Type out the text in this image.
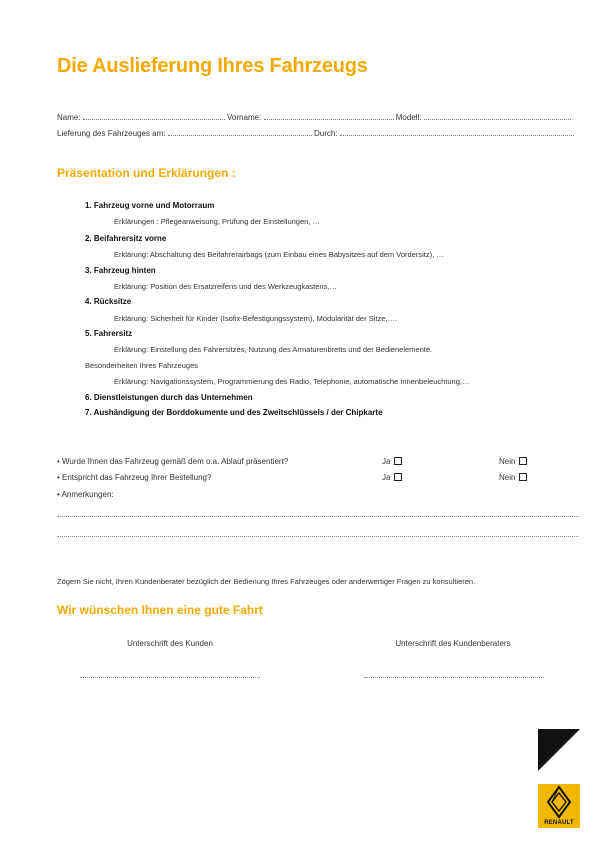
Die Auslieferung Ihres Fahrzeugs
Name:	Vorname:	Modell:
Lieferung des Fahrzeuges am:	Durch:
Präsentation und Erklärungen :
1. Fahrzeug vorne und Motorraum
Erklärungen : Pflegeanweisung, Prüfung der Einstellungen, …
2. Beifahrersitz vorne
Erklärung: Abschaltung des Beifahrerairbags (zum Einbau eines Babysitzes auf dem Vordersitz), …
3. Fahrzeug hinten
Erklärung: Position des Ersatzreifens und des Werkzeugkastens,…
4. Rücksitze
Erklärung: Sicherheit für Kinder (Isofix-Befestigungssystem), Modularität der Sitze,….
5. Fahrersitz
Erklärung: Einstellung des Fahrersitzes, Nutzung des Armaturenbretts und der Bedienelemente.
Besonderheiten Ihres Fahrzeuges
Erklärung: Navigationssystem, Programmierung des Radio, Telephonie, automatische Innenbeleuchtung,…
6. Dienstleistungen durch das Unternehmen
7. Aushändigung der Borddokumente und des Zweitschlüssels / der Chipkarte
• Wurde Ihnen das Fahrzeug gemäß dem o.a. Ablauf präsentiert?	Ja	Nein
• Entspricht das Fahrzeug Ihrer Bestellung?	Ja	Nein
• Anmerkungen:
Zögern Sie nicht, Ihren Kundenberater bezüglich der Bedienung Ihres Fahrzeuges oder anderwertiger Fragen zu konsultieren.
Wir wünschen Ihnen eine gute Fahrt
Unterschrift des Kunden	Unterschrift des Kundenberaters
RENAULT
